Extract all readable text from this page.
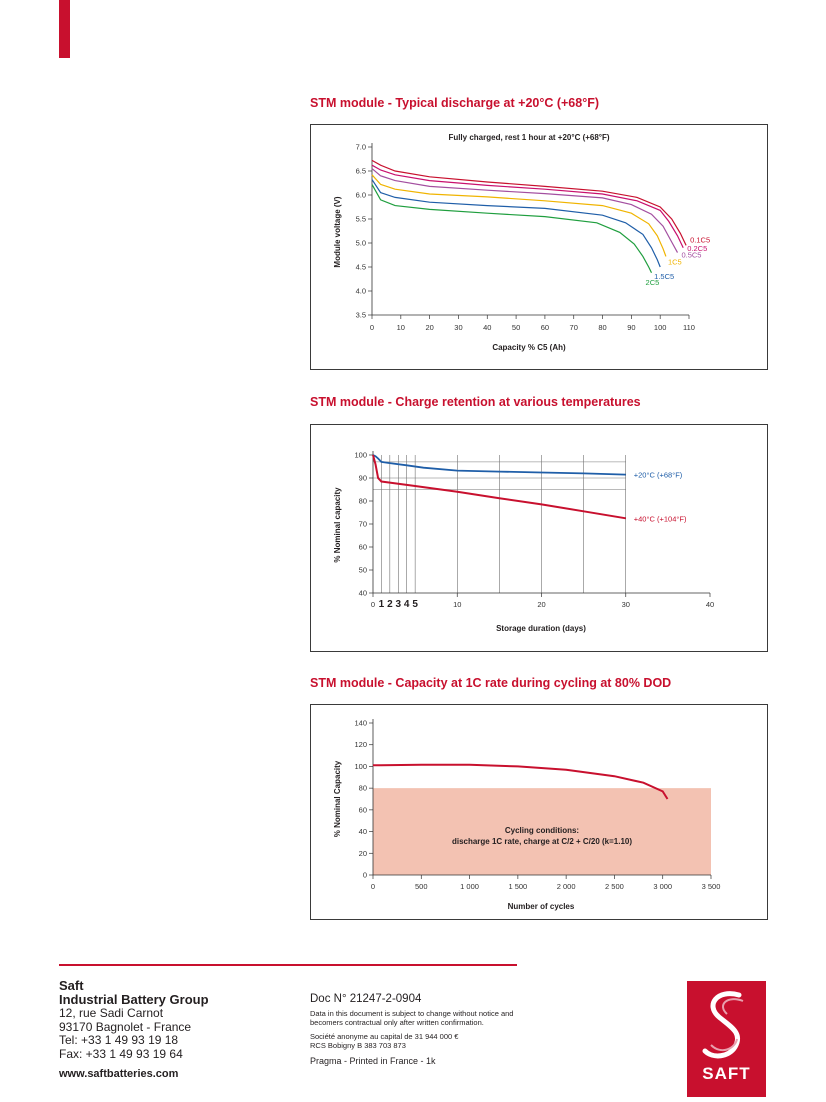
STM module - Typical discharge at +20°C (+68°F)
3.5
4.0
4.5
5.0
5.5
6.0
6.5
7.0
0	10	20	30	40	50	60	70	80	90 100 110
Fully charged, rest 1 hour at +20°C (+68°F)
Capacity % C5 (Ah)
Module voltage (V)	0.1C5
0.2C5
0.5C5
1C5
1.5C5
2C5
STM module - Charge retention at various temperatures
40
50
60
70
80
90
100
0	10	20	30	40
1 2 3 4 5
Storage duration (days)
% Nominal capacity
+20°C (+68°F)
+40°C (+104°F)
STM module - Capacity at 1C rate during cycling at 80% DOD
0
20
40
60
80
100
120
140
0	500	1 000	1 500	2 000	2 500	3 000	3 500
Cycling conditions:
discharge 1C rate, charge at C/2 + C/20 (k=1.10)
Number of cycles
% Nominal Capacity
Saft
Industrial Battery Group
12, rue Sadi Carnot
93170 Bagnolet - France
Tel: +33 1 49 93 19 18
Fax: +33 1 49 93 19 64
www.saftbatteries.com
Doc N° 21247-2-0904
Data in this document is subject to change without notice and becomers contractual only after written confirmation.
Société anonyme au capital de 31 944 000 €
RCS Bobigny B 383 703 873
Pragma - Printed in France - 1k
SAFT
